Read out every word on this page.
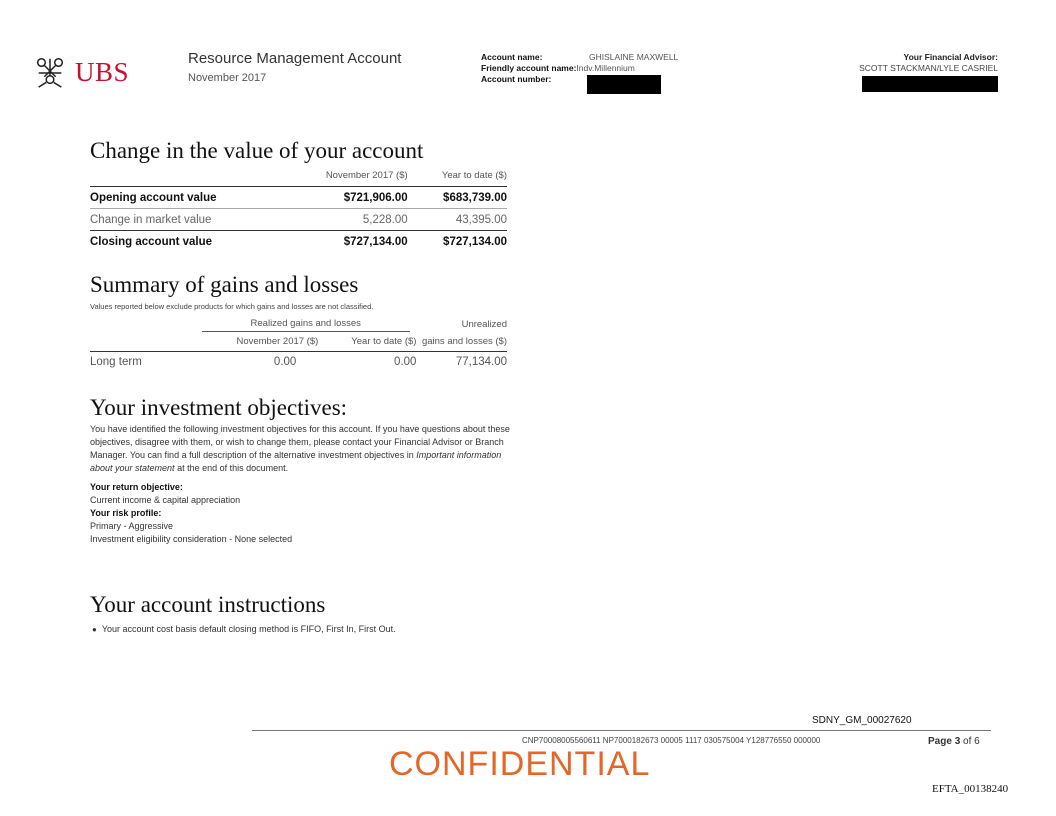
UBS	Resource Management Account
November 2017
Account name:	GHISLAINE MAXWELL
Friendly account name:Indv.Millennium
Account number:
Your Financial Advisor:
SCOTT STACKMAN/LYLE CASRIEL
Change in the value of your account
	November 2017 ($)	Year to date ($)
Opening account value	$721,906.00	$683,739.00
Change in market value	5,228.00	43,395.00
Closing account value	$727,134.00	$727,134.00
Summary of gains and losses
Values reported below exclude products for which gains and losses are not classified.
	Realized gains and losses		Unrealized
	November 2017 ($)	Year to date ($)	gains and losses ($)
Long term	0.00	0.00	77,134.00
Your investment objectives:
You have identified the following investment objectives for this account. If you have questions about these objectives, disagree with them, or wish to change them, please contact your Financial Advisor or Branch Manager. You can find a full description of the alternative investment objectives in Important information about your statement at the end of this document.
Your return objective:
Current income & capital appreciation
Your risk profile:
Primary - Aggressive
Investment eligibility consideration - None selected
Your account instructions
● Your account cost basis default closing method is FIFO, First In, First Out.
SDNY_GM_00027620
CNP70008005560611 NP7000182673 00005 1117 030575004 Y128776550 000000	Page 3 of 6
CONFIDENTIAL
EFTA_00138240
